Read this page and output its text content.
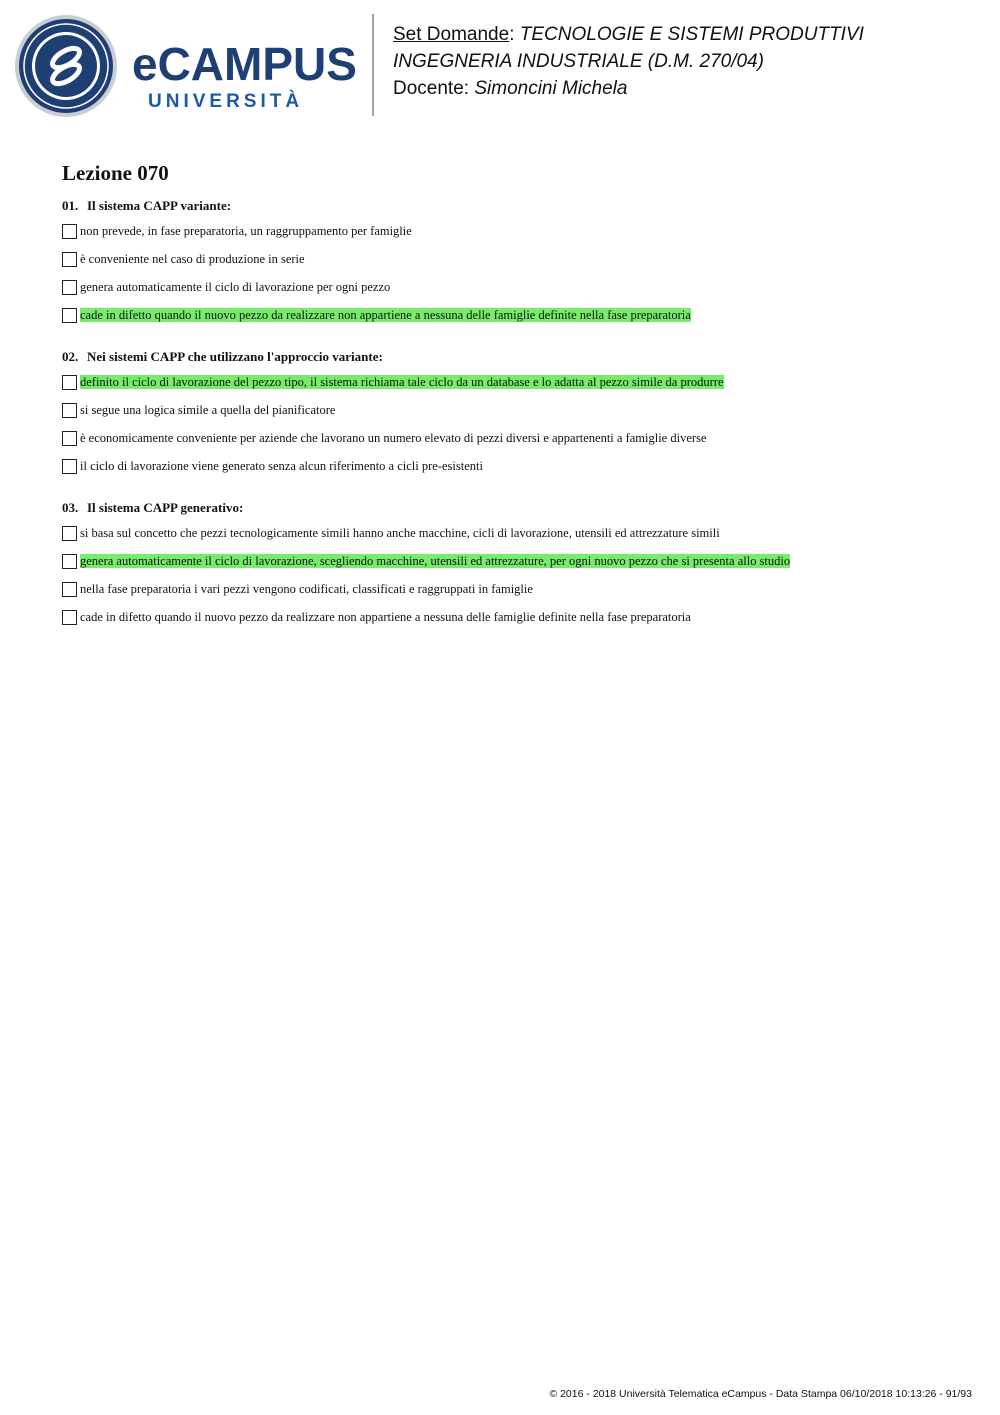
eCAMPUS
UNIVERSITÀ
Set Domande: TECNOLOGIE E SISTEMI PRODUTTIVI
INGEGNERIA INDUSTRIALE (D.M. 270/04)
Docente: Simoncini Michela
Lezione 070
01. Il sistema CAPP variante:
non prevede, in fase preparatoria, un raggruppamento per famiglie
è conveniente nel caso di produzione in serie
genera automaticamente il ciclo di lavorazione per ogni pezzo
cade in difetto quando il nuovo pezzo da realizzare non appartiene a nessuna delle famiglie definite nella fase preparatoria
02. Nei sistemi CAPP che utilizzano l'approccio variante:
definito il ciclo di lavorazione del pezzo tipo, il sistema richiama tale ciclo da un database e lo adatta al pezzo simile da produrre
si segue una logica simile a quella del pianificatore
è economicamente conveniente per aziende che lavorano un numero elevato di pezzi diversi e appartenenti a famiglie diverse
il ciclo di lavorazione viene generato senza alcun riferimento a cicli pre-esistenti
03. Il sistema CAPP generativo:
si basa sul concetto che pezzi tecnologicamente simili hanno anche macchine, cicli di lavorazione, utensili ed attrezzature simili
genera automaticamente il ciclo di lavorazione, scegliendo macchine, utensili ed attrezzature, per ogni nuovo pezzo che si presenta allo studio
nella fase preparatoria i vari pezzi vengono codificati, classificati e raggruppati in famiglie
cade in difetto quando il nuovo pezzo da realizzare non appartiene a nessuna delle famiglie definite nella fase preparatoria
© 2016 - 2018 Università Telematica eCampus - Data Stampa 06/10/2018 10:13:26 - 91/93
